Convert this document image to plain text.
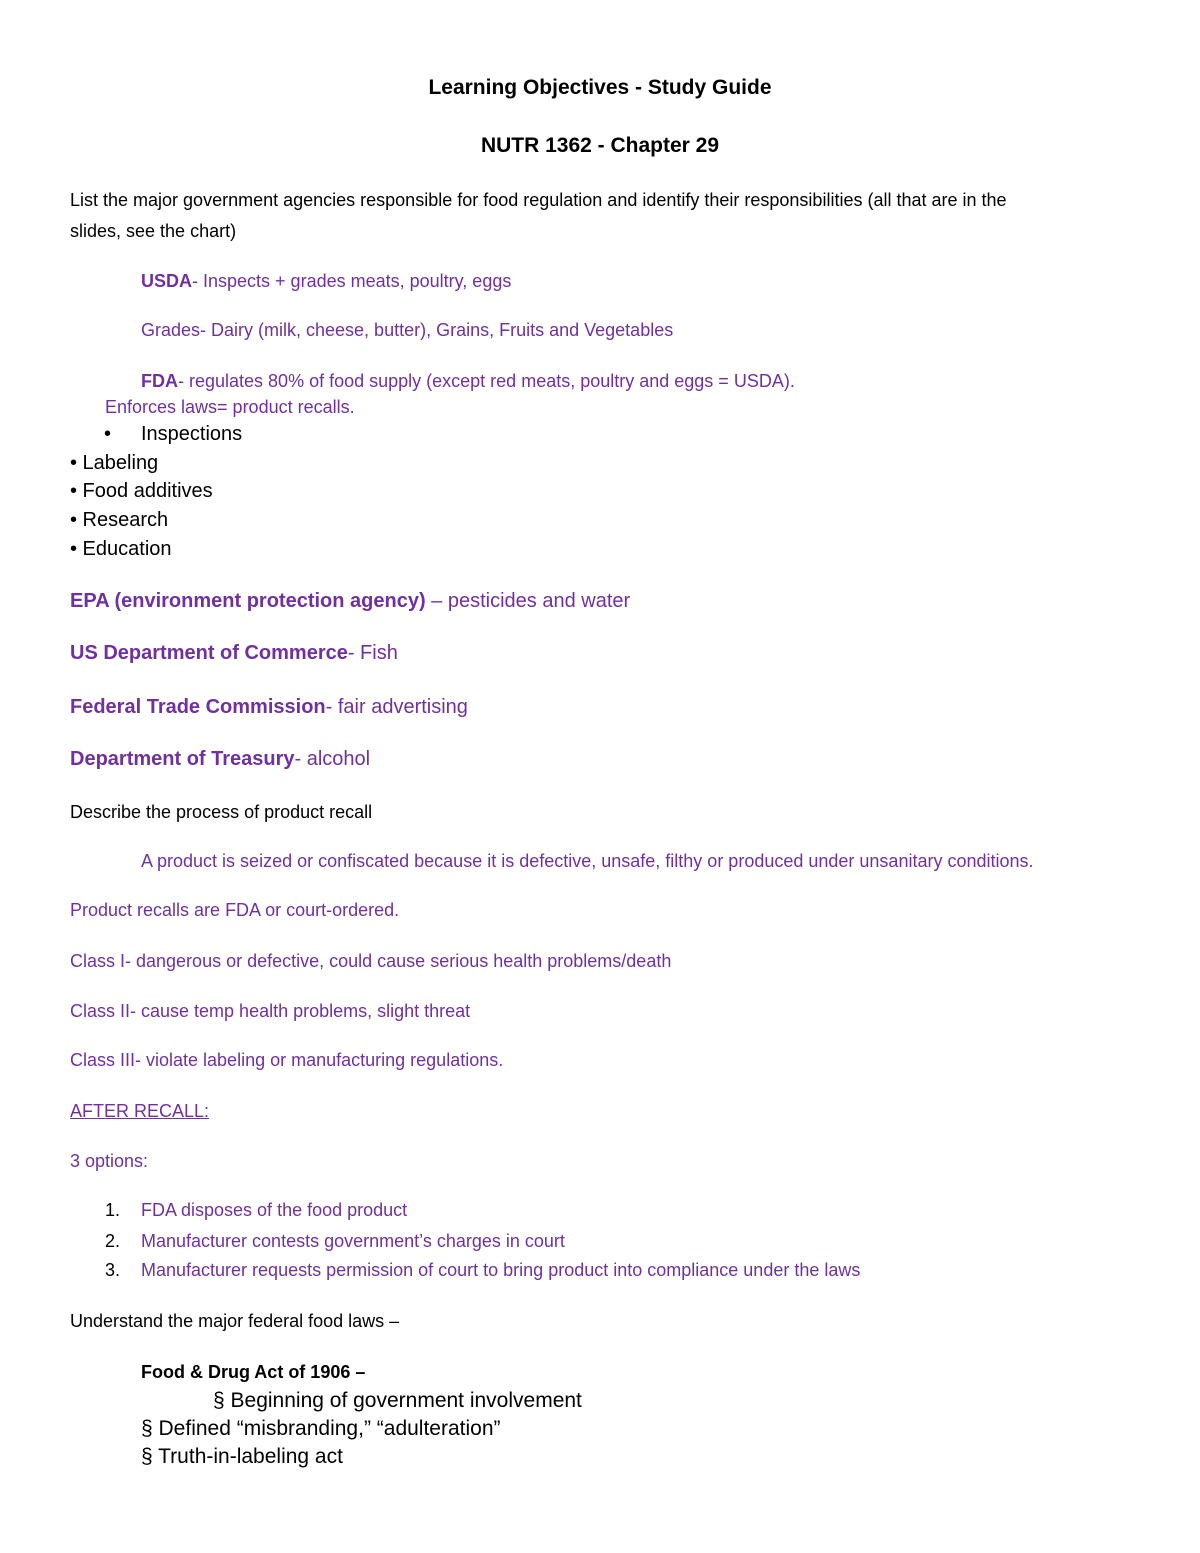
Learning Objectives - Study Guide

NUTR 1362 - Chapter 29

List the major government agencies responsible for food regulation and identify their responsibilities (all that are in the

slides, see the chart)

USDA- Inspects + grades meats, poultry, eggs

Grades- Dairy (milk, cheese, butter), Grains, Fruits and Vegetables

FDA- regulates 80% of food supply (except red meats, poultry and eggs = USDA).

Enforces laws= product recalls.

• Inspections

• Labeling

• Food additives

• Research

• Education

EPA (environment protection agency) – pesticides and water

US Department of Commerce- Fish

Federal Trade Commission- fair advertising

Department of Treasury- alcohol

Describe the process of product recall

A product is seized or confiscated because it is defective, unsafe, filthy or produced under unsanitary conditions.

Product recalls are FDA or court-ordered.

Class I- dangerous or defective, could cause serious health problems/death

Class II- cause temp health problems, slight threat

Class III- violate labeling or manufacturing regulations.

AFTER RECALL:

3 options:

1. FDA disposes of the food product

2. Manufacturer contests government’s charges in court

3. Manufacturer requests permission of court to bring product into compliance under the laws

Understand the major federal food laws –

Food & Drug Act of 1906 –

§ Beginning of government involvement

§ Defined “misbranding,” “adulteration”

§ Truth-in-labeling act
